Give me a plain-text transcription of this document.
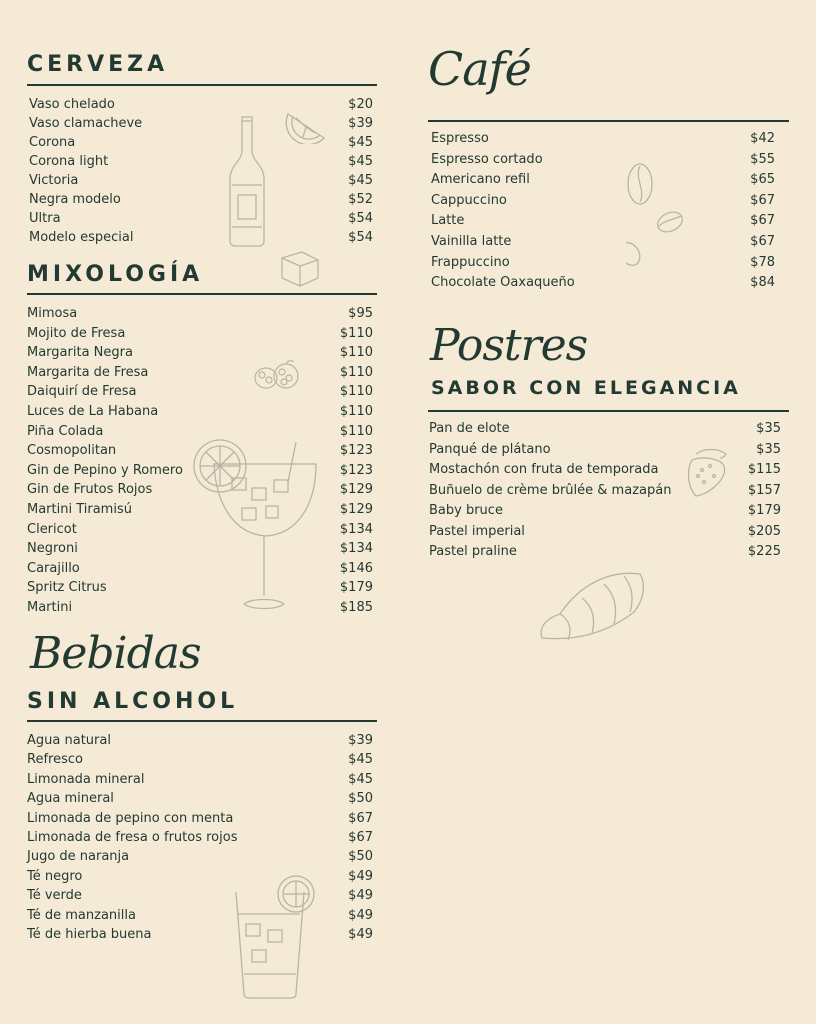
CERVEZA
Vaso chelado	$20
Vaso clamacheve	$39
Corona	$45
Corona light	$45
Victoria	$45
Negra modelo	$52
Ultra	$54
Modelo especial	$54
MIXOLOGÍA
Mimosa	$95
Mojito de Fresa	$110
Margarita Negra	$110
Margarita de Fresa	$110
Daiquirí de Fresa	$110
Luces de La Habana	$110
Piña Colada	$110
Cosmopolitan	$123
Gin de Pepino y Romero	$123
Gin de Frutos Rojos	$129
Martini Tiramisú	$129
Clericot	$134
Negroni	$134
Carajillo	$146
Spritz Citrus	$179
Martini	$185
Bebidas
SIN ALCOHOL
Agua natural	$39
Refresco	$45
Limonada mineral	$45
Agua mineral	$50
Limonada de pepino con menta	$67
Limonada de fresa o frutos rojos	$67
Jugo de naranja	$50
Té negro	$49
Té verde	$49
Té de manzanilla	$49
Té de hierba buena	$49
Café
Espresso	$42
Espresso cortado	$55
Americano refil	$65
Cappuccino	$67
Latte	$67
Vainilla latte	$67
Frappuccino	$78
Chocolate Oaxaqueño	$84
Postres
SABOR CON ELEGANCIA
Pan de elote	$35
Panqué de plátano	$35
Mostachón con fruta de temporada	$115
Buñuelo de crème brûlée & mazapán	$157
Baby bruce	$179
Pastel imperial	$205
Pastel praline	$225
